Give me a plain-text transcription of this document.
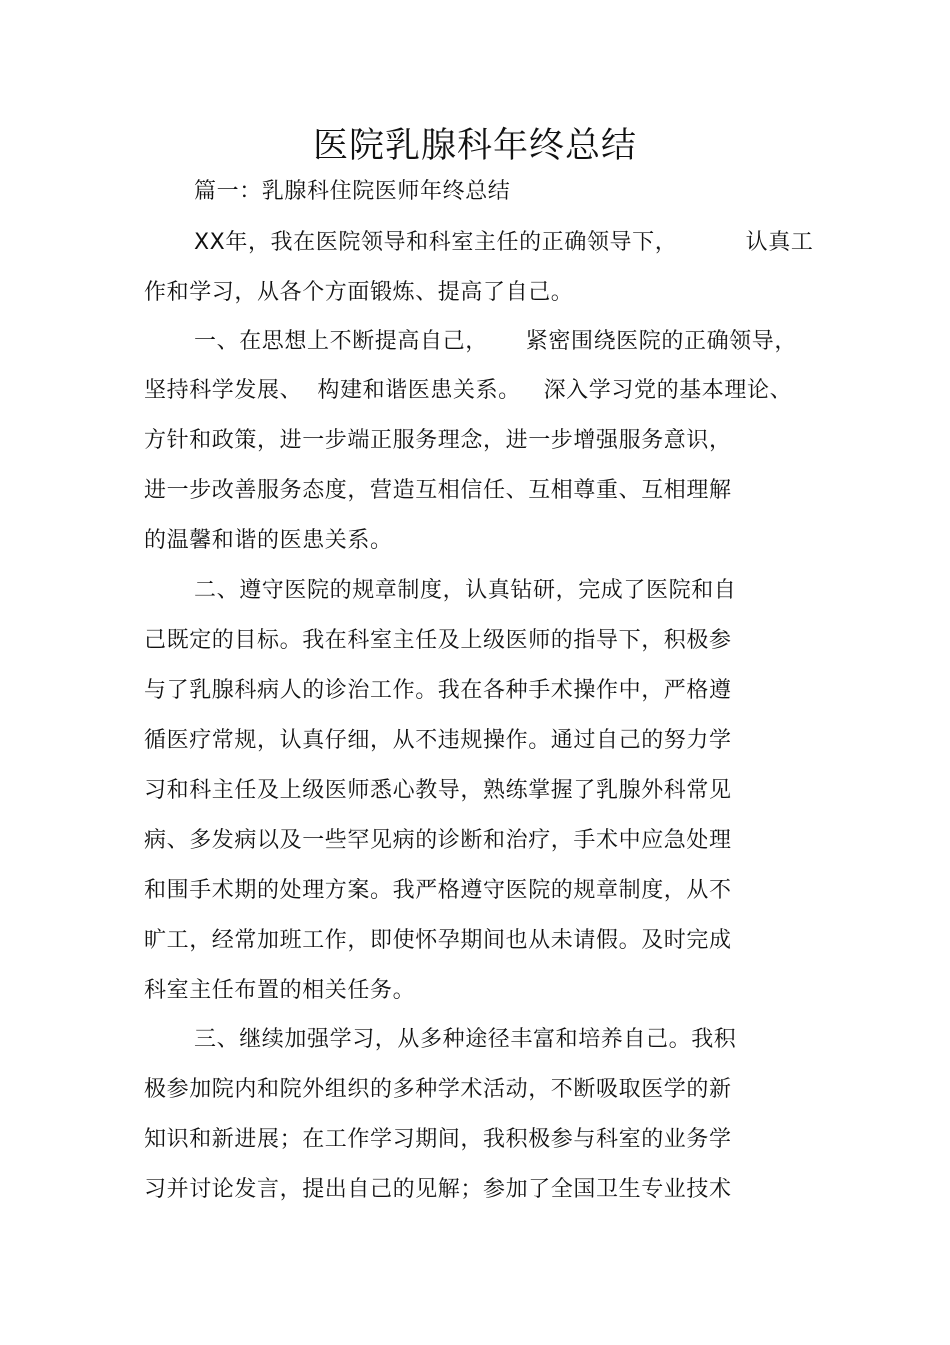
医院乳腺科年终总结
篇一：乳腺科住院医师年终总结
XX年，我在医院领导和科室主任的正确领导下，         认真工
作和学习，从各个方面锻炼、提高了自己。
一、在思想上不断提高自己，     紧密围绕医院的正确领导，
坚持科学发展、  构建和谐医患关系。   深入学习党的基本理论、
方针和政策，进一步端正服务理念，进一步增强服务意识，
进一步改善服务态度，营造互相信任、互相尊重、互相理解
的温馨和谐的医患关系。
二、遵守医院的规章制度，认真钻研，完成了医院和自
己既定的目标。我在科室主任及上级医师的指导下，积极参
与了乳腺科病人的诊治工作。我在各种手术操作中，严格遵
循医疗常规，认真仔细，从不违规操作。通过自己的努力学
习和科主任及上级医师悉心教导，熟练掌握了乳腺外科常见
病、多发病以及一些罕见病的诊断和治疗，手术中应急处理
和围手术期的处理方案。我严格遵守医院的规章制度，从不
旷工，经常加班工作，即使怀孕期间也从未请假。及时完成
科室主任布置的相关任务。
三、继续加强学习，从多种途径丰富和培养自己。我积
极参加院内和院外组织的多种学术活动，不断吸取医学的新
知识和新进展；在工作学习期间，我积极参与科室的业务学
习并讨论发言，提出自己的见解；参加了全国卫生专业技术
